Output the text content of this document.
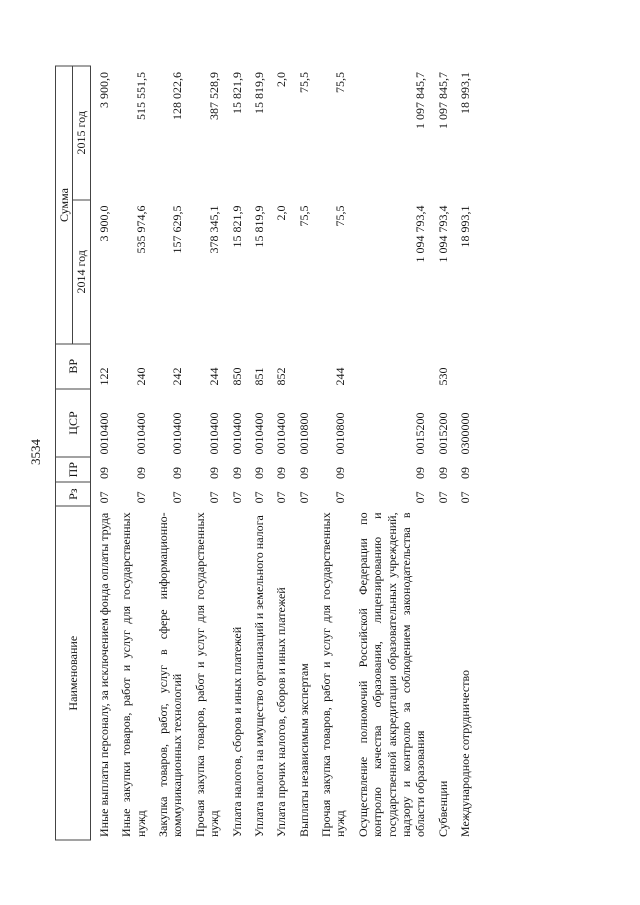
3534
Наименование	Рз	ПР	ЦСР	ВР	Сумма	
					2014 год	2015 год
Иные выплаты персоналу, за исключением фонда оплаты труда	07	09	0010400	122	3 900,0	3 900,0
Иные закупки товаров, работ и услуг для государственных нужд	07	09	0010400	240	535 974,6	515 551,5
Закупка товаров, работ, услуг в сфере информационно-коммуникационных технологий	07	09	0010400	242	157 629,5	128 022,6
Прочая закупка товаров, работ и услуг для государственных нужд	07	09	0010400	244	378 345,1	387 528,9
Уплата налогов, сборов и иных платежей	07	09	0010400	850	15 821,9	15 821,9
Уплата налога на имущество организаций и земельного налога	07	09	0010400	851	15 819,9	15 819,9
Уплата прочих налогов, сборов и иных платежей	07	09	0010400	852	2,0	2,0
Выплаты независимым экспертам	07	09	0010800		75,5	75,5
Прочая закупка товаров, работ и услуг для государственных нужд	07	09	0010800	244	75,5	75,5
Осуществление полномочий Российской Федерации по контролю качества образования, лицензированию и государственной аккредитации образовательных учреждений, надзору и контролю за соблюдением законодательства в области образования	07	09	0015200		1 094 793,4	1 097 845,7
Субвенции	07	09	0015200	530	1 094 793,4	1 097 845,7
Международное сотрудничество	07	09	0300000		18 993,1	18 993,1
